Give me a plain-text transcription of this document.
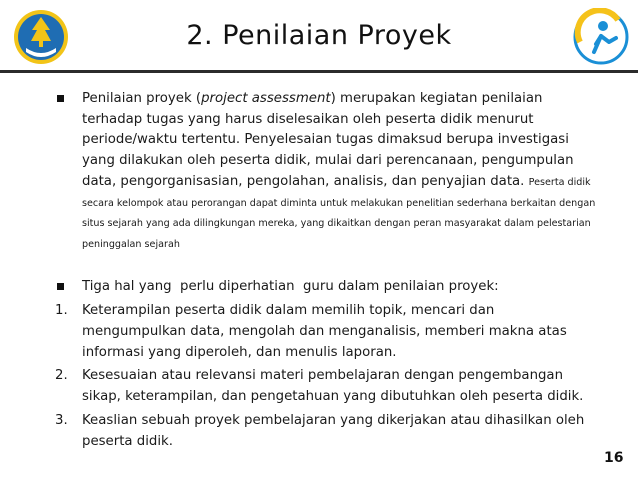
2. Penilaian Proyek
Penilaian proyek (project assessment) merupakan kegiatan penilaian terhadap tugas yang harus diselesaikan oleh peserta didik menurut periode/waktu tertentu. Penyelesaian tugas dimaksud berupa investigasi yang dilakukan oleh peserta didik, mulai dari perencanaan, pengumpulan data, pengorganisasian, pengolahan, analisis, dan penyajian data. Peserta didik secara kelompok atau perorangan dapat diminta untuk melakukan penelitian sederhana berkaitan dengan situs sejarah yang ada dilingkungan mereka, yang dikaitkan dengan peran masyarakat dalam pelestarian peninggalan sejarah
Tiga hal yang  perlu diperhatian  guru dalam penilaian proyek:
1. Keterampilan peserta didik dalam memilih topik, mencari dan mengumpulkan data, mengolah dan menganalisis, memberi makna atas informasi yang diperoleh, dan menulis laporan.
2. Kesesuaian atau relevansi materi pembelajaran dengan pengembangan sikap, keterampilan, dan pengetahuan yang dibutuhkan oleh peserta didik.
3. Keaslian sebuah proyek pembelajaran yang dikerjakan atau dihasilkan oleh peserta didik.
16
